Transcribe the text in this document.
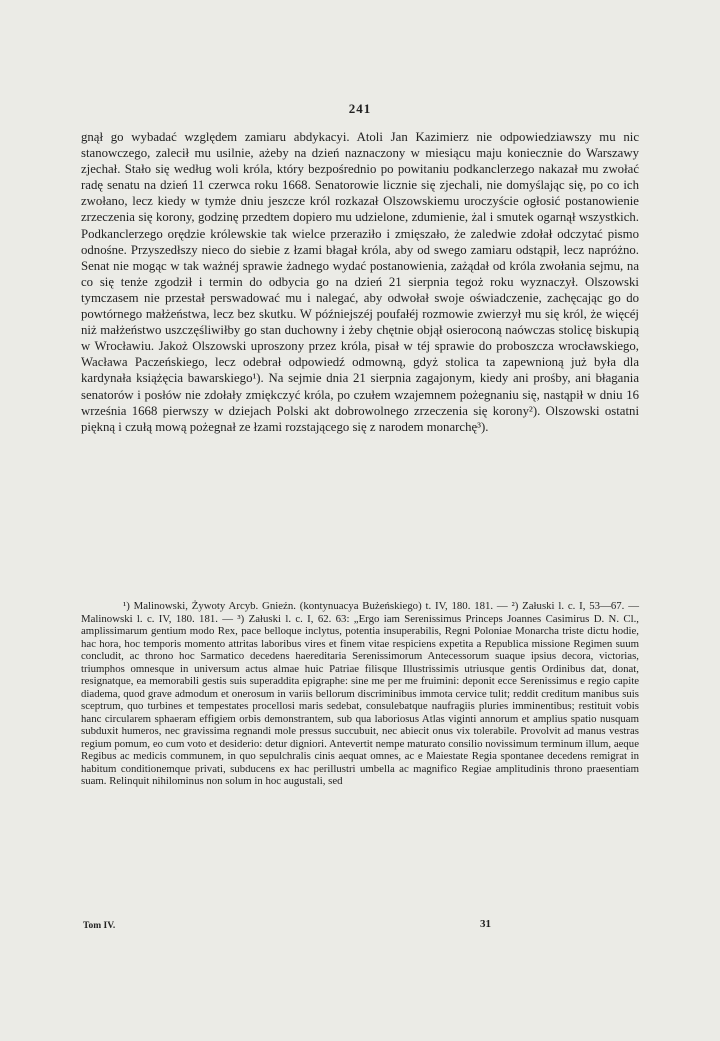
241

gnął go wybadać względem zamiaru abdykacyi. Atoli Jan Kazimierz nie odpowiedziawszy mu nic stanowczego, zalecił mu usilnie, ażeby na dzień naznaczony w miesiącu maju koniecznie do Warszawy zjechał. Stało się według woli króla, który bezpośrednio po powitaniu podkanclerzego nakazał mu zwołać radę senatu na dzień 11 czerwca roku 1668. Senatorowie licznie się zjechali, nie domyślając się, po co ich zwołano, lecz kiedy w tymże dniu jeszcze król rozkazał Olszowskiemu uroczyście ogłosić postanowienie zrzeczenia się korony, godzinę przedtem dopiero mu udzielone, zdumienie, żal i smutek ogarnął wszystkich. Podkanclerzego orędzie królewskie tak wielce przeraziło i zmięszało, że zaledwie zdołał odczytać pismo odnośne. Przyszedłszy nieco do siebie z łzami błagał króla, aby od swego zamiaru odstąpił, lecz napróżno. Senat nie mogąc w tak ważnéj sprawie żadnego wydać postanowienia, zażądał od króla zwołania sejmu, na co się tenże zgodził i termin do odbycia go na dzień 21 sierpnia tegoż roku wyznaczył. Olszowski tymczasem nie przestał perswadować mu i nalegać, aby odwołał swoje oświadczenie, zachęcając go do powtórnego małżeństwa, lecz bez skutku. W późniejszéj poufałéj rozmowie zwierzył mu się król, że więcéj niż małżeństwo uszczęśliwiłby go stan duchowny i żeby chętnie objął osieroconą naówczas stolicę biskupią w Wrocławiu. Jakoż Olszowski uproszony przez króla, pisał w téj sprawie do proboszcza wrocławskiego, Wacława Paczeńskiego, lecz odebrał odpowiedź odmowną, gdyż stolica ta zapewnioną już była dla kardynała książęcia bawarskiego¹). Na sejmie dnia 21 sierpnia zagajonym, kiedy ani prośby, ani błagania senatorów i posłów nie zdołały zmiękczyć króla, po czułem wzajemnem pożegnaniu się, nastąpił w dniu 16 września 1668 pierwszy w dziejach Polski akt dobrowolnego zrzeczenia się korony²). Olszowski ostatni piękną i czułą mową pożegnał ze łzami rozstającego się z narodem monarchę³).

¹) Malinowski, Żywoty Arcyb. Gnieźn. (kontynuacya Bużeńskiego) t. IV, 180. 181. — ²) Załuski l. c. I, 53—67. — Malinowski l. c. IV, 180. 181. — ³) Załuski l. c. I, 62. 63: „Ergo iam Serenissimus Princeps Joannes Casimirus D. N. Cl., amplissimarum gentium modo Rex, pace belloque inclytus, potentia insuperabilis, Regni Poloniae Monarcha triste dictu hodie, hac hora, hoc temporis momento attritas laboribus vires et finem vitae respiciens expetita a Republica missione Regimen suum concludit, ac throno hoc Sarmatico decedens haereditaria Serenissimorum Antecessorum suaque ipsius decora, victorias, triumphos omnesque in universum actus almae huic Patriae filisque Illustrissimis utriusque gentis Ordinibus dat, donat, resignatque, ea memorabili gestis suis superaddita epigraphe: sine me per me fruimini: deponit ecce Serenissimus e regio capite diadema, quod grave admodum et onerosum in variis bellorum discriminibus immota cervice tulit; reddit creditum manibus suis sceptrum, quo turbines et tempestates procellosi maris sedebat, consulebatque naufragiis pluries imminentibus; restituit vobis hanc circularem sphaeram effigiem orbis demonstrantem, sub qua laboriosus Atlas viginti annorum et amplius spatio nusquam subduxit humeros, nec gravissima regnandi mole pressus succubuit, nec abiecit onus vix tolerabile. Provolvit ad manus vestras regium pomum, eo cum voto et desiderio: detur digniori. Antevertit nempe maturato consilio novissimum terminum illum, aeque Regibus ac medicis communem, in quo sepulchralis cinis aequat omnes, ac e Maiestate Regia spontanee decedens remigrat in habitum conditionemque privati, subducens ex hac perillustri umbella ac magnifico Regiae amplitudinis throno praesentiam suam. Relinquit nihilominus non solum in hoc augustali, sed

Tom IV.	31
